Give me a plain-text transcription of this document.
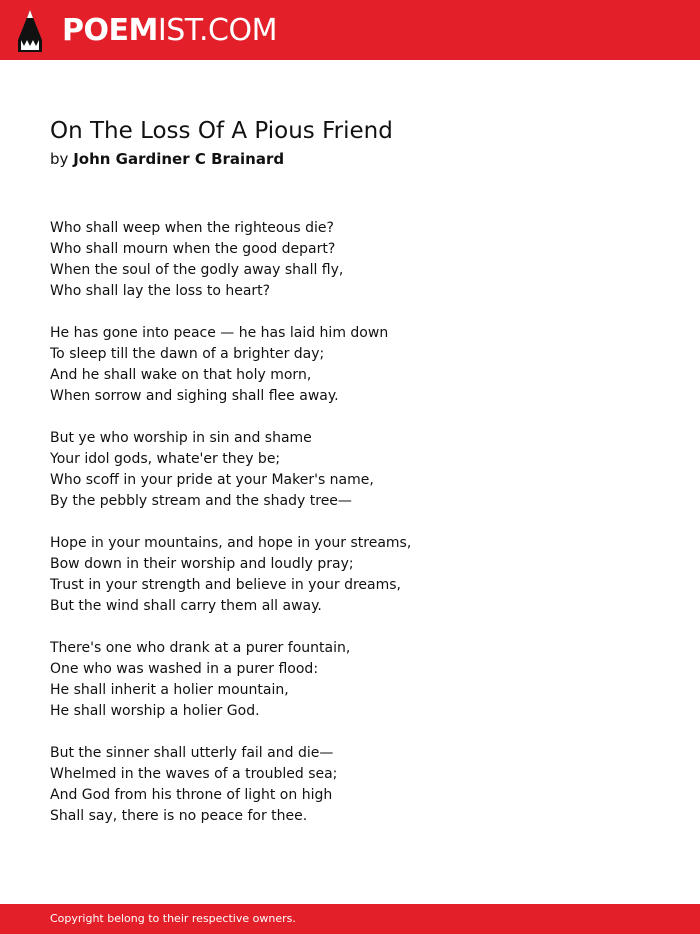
POEMIST.COM
On The Loss Of A Pious Friend
by John Gardiner C Brainard
Who shall weep when the righteous die?
Who shall mourn when the good depart?
When the soul of the godly away shall fly,
Who shall lay the loss to heart?
He has gone into peace — he has laid him down
To sleep till the dawn of a brighter day;
And he shall wake on that holy morn,
When sorrow and sighing shall flee away.
But ye who worship in sin and shame
Your idol gods, whate'er they be;
Who scoff in your pride at your Maker's name,
By the pebbly stream and the shady tree—
Hope in your mountains, and hope in your streams,
Bow down in their worship and loudly pray;
Trust in your strength and believe in your dreams,
But the wind shall carry them all away.
There's one who drank at a purer fountain,
One who was washed in a purer flood:
He shall inherit a holier mountain,
He shall worship a holier God.
But the sinner shall utterly fail and die—
Whelmed in the waves of a troubled sea;
And God from his throne of light on high
Shall say, there is no peace for thee.
Copyright belong to their respective owners.
